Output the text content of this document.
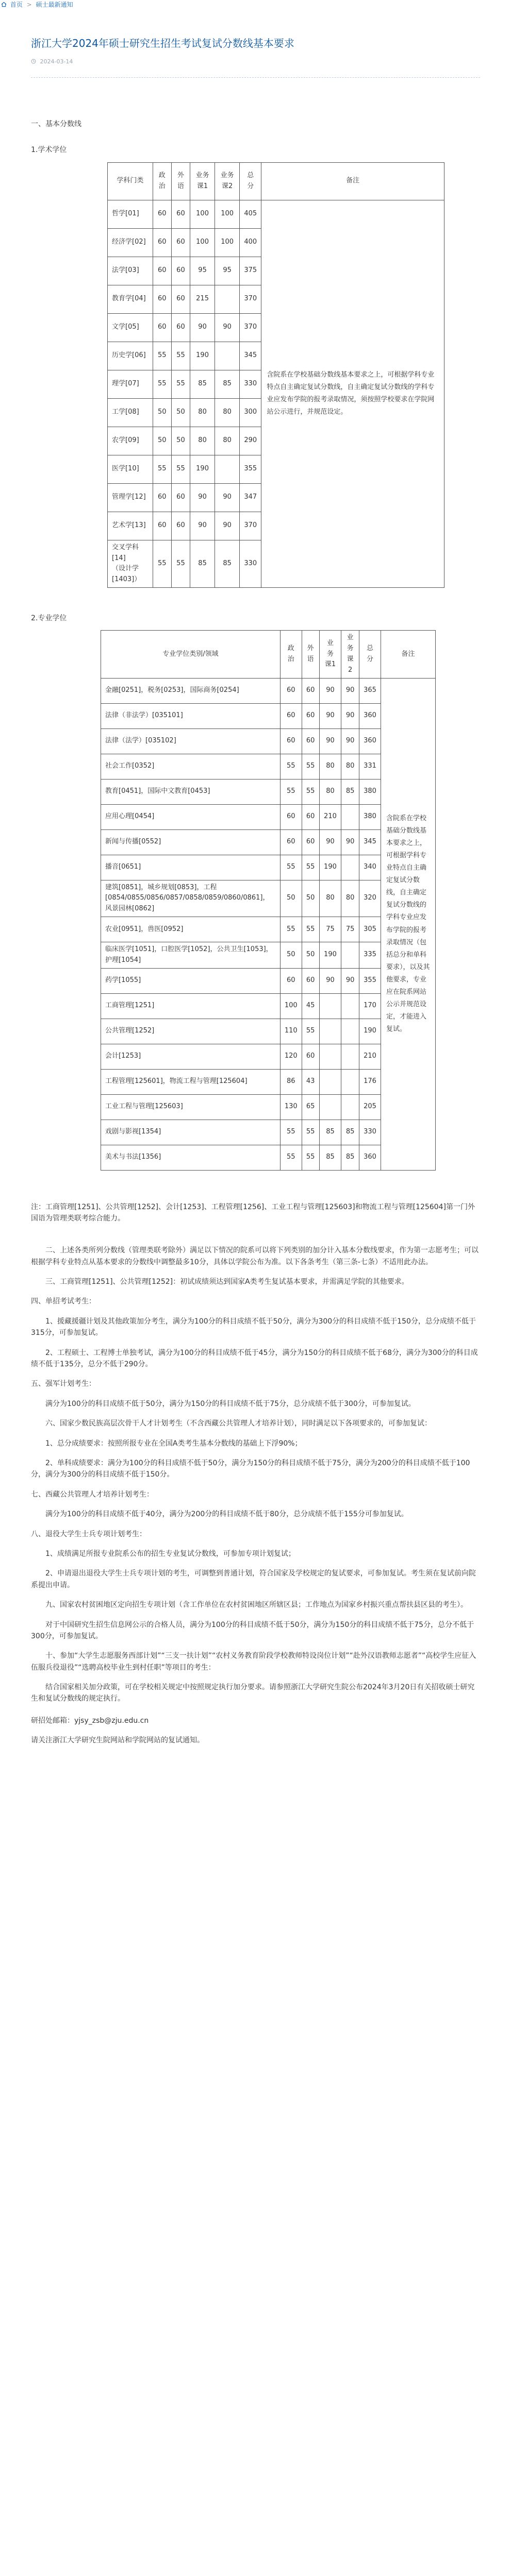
首页 > 硕士最新通知
浙江大学2024年硕士研究生招生考试复试分数线基本要求
2024-03-14

一、基本分数线

1.学术学位

学科门类	政治	外语	业务课1	业务课2	总分	备注
哲学[01]	60	60	100	100	405	含院系在学校基础分数线基本要求之上，可根据学科专业特点自主确定复试分数线，自主确定复试分数线的学科专业应发布学院的报考录取情况，须按照学校要求在学院网站公示进行，并规范设定。
经济学[02]	60	60	100	100	400	
法学[03]	60	60	95	95	375	
教育学[04]	60	60	215		370	
文学[05]	60	60	90	90	370	
历史学[06]	55	55	190		345	
理学[07]	55	55	85	85	330	
工学[08]	50	50	80	80	300	
农学[09]	50	50	80	80	290	
医学[10]	55	55	190		355	
管理学[12]	60	60	90	90	347	
艺术学[13]	60	60	90	90	370	
交叉学科[14]
（设计学[1403]）	55	55	85	85	330	

2.专业学位

专业学位类别/领域	政治	外语	业务课1	业务课2	总分	备注
金融[0251]，税务[0253]，国际商务[0254]	60	60	90	90	365	含院系在学校基础分数线基本要求之上，可根据学科专业特点自主确定复试分数线，自主确定复试分数线的学科专业应发布学院的报考录取情况（包括总分和单科要求），以及其他要求，专业应在院系网站公示并规范设定，才能进入复试。
法律（非法学）[035101]	60	60	90	90	360	
法律（法学）[035102]	60	60	90	90	360	
社会工作[0352]	55	55	80	80	331	
教育[0451]，国际中文教育[0453]	55	55	80	85	380	
应用心理[0454]	60	60	210		380	
新闻与传播[0552]	60	60	90	90	345	
播音[0651]	55	55	190		340	
建筑[0851]，城乡规划[0853]，工程[0854/0855/0856/0857/0858/0859/0860/0861]，风景园林[0862]	50	50	80	80	320	
农业[0951]，兽医[0952]	55	55	75	75	305	
临床医学[1051]，口腔医学[1052]，公共卫生[1053]，护理[1054]	50	50	190		335	
药学[1055]	60	60	90	90	355	
工商管理[1251]	100	45			170	
公共管理[1252]	110	55			190	
会计[1253]	120	60			210	
工程管理[125601]，物流工程与管理[125604]	86	43			176	
工业工程与管理[125603]	130	65			205	
戏剧与影视[1354]	55	55	85	85	330	
美术与书法[1356]	55	55	85	85	360	

注：工商管理[1251]、公共管理[1252]、会计[1253]、工程管理[1256]、工业工程与管理[125603]和物流工程与管理[125604]第一门外国语为管理类联考综合能力。

二、上述各类所列分数线（管理类联考除外）满足以下情况的院系可以将下列类别的加分计入基本分数线要求，作为第一志愿考生；可以根据学科专业特点从基本要求的分数线中调整最多10分，具体以学院公布为准。以下各条考生（第三条-七条）不适用此办法。

三、工商管理[1251]、公共管理[1252]：初试成绩须达到国家A类考生复试基本要求，并需满足学院的其他要求。

四、单招考试考生：

1、援藏援疆计划及其他政策加分考生，满分为100分的科目成绩不低于50分，满分为300分的科目成绩不低于150分，总分成绩不低于315分，可参加复试。

2、工程硕士、工程博士单独考试，满分为100分的科目成绩不低于45分，满分为150分的科目成绩不低于68分，满分为300分的科目成绩不低于135分，总分不低于290分。

五、强军计划考生：

满分为100分的科目成绩不低于50分，满分为150分的科目成绩不低于75分，总分成绩不低于300分，可参加复试。

六、国家少数民族高层次骨干人才计划考生（不含西藏公共管理人才培养计划），同时满足以下各项要求的，可参加复试：

1、总分成绩要求：按照所报专业在全国A类考生基本分数线的基础上下浮90%；

2、单科成绩要求：满分为100分的科目成绩不低于50分，满分为150分的科目成绩不低于75分，满分为200分的科目成绩不低于100分，满分为300分的科目成绩不低于150分。

七、西藏公共管理人才培养计划考生：

满分为100分的科目成绩不低于40分，满分为200分的科目成绩不低于80分，总分成绩不低于155分可参加复试。

八、退役大学生士兵专项计划考生：

1、成绩满足所报专业院系公布的招生专业复试分数线，可参加专项计划复试；

2、申请退出退役大学生士兵专项计划的考生，可调整到普通计划，符合国家及学校规定的复试要求，可参加复试。考生须在复试前向院系提出申请。

九、国家农村贫困地区定向招生专项计划（含工作单位在农村贫困地区所辖区县；工作地点为国家乡村振兴重点帮扶县区县的考生）。

对于中国研究生招生信息网公示的合格人员，满分为100分的科目成绩不低于50分，满分为150分的科目成绩不低于75分，总分不低于300分，可参加复试。

十、参加“大学生志愿服务西部计划”“三支一扶计划”“农村义务教育阶段学校教师特设岗位计划”“赴外汉语教师志愿者”“高校学生应征入伍服兵役退役”“选聘高校毕业生到村任职”等项目的考生：

结合国家相关加分政策，可在学校相关规定中按照规定执行加分要求。请参照浙江大学研究生院公布2024年3月20日有关招收硕士研究生和复试分数线的规定执行。

研招处邮箱：yjsy_zsb@zju.edu.cn

请关注浙江大学研究生院网站和学院网站的复试通知。
